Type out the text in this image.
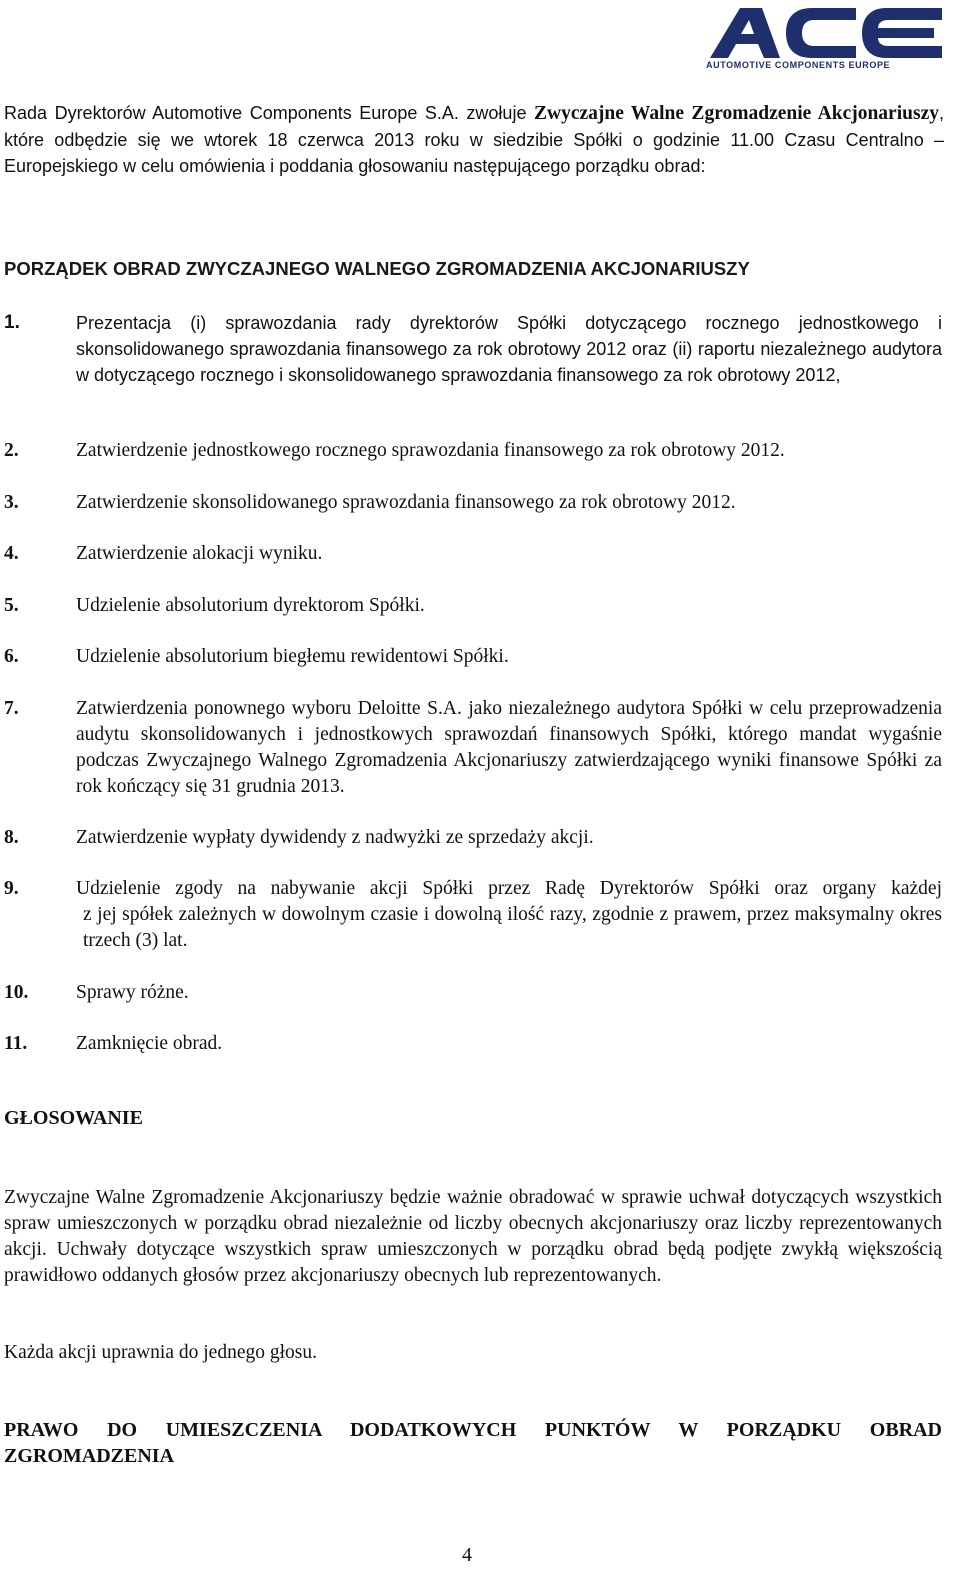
AUTOMOTIVE COMPONENTS EUROPE

Rada Dyrektorów Automotive Components Europe S.A. zwołuje Zwyczajne Walne Zgromadzenie Akcjonariuszy, które odbędzie się we wtorek 18 czerwca 2013 roku w siedzibie Spółki o godzinie 11.00 Czasu Centralno – Europejskiego w celu omówienia i poddania głosowaniu następującego porządku obrad:

PORZĄDEK OBRAD ZWYCZAJNEGO WALNEGO ZGROMADZENIA AKCJONARIUSZY
1.	Prezentacja (i) sprawozdania rady dyrektorów Spółki dotyczącego rocznego jednostkowego i skonsolidowanego sprawozdania finansowego za rok obrotowy 2012 oraz (ii) raportu niezależnego audytora w dotyczącego rocznego i skonsolidowanego sprawozdania finansowego za rok obrotowy 2012,
2.	Zatwierdzenie jednostkowego rocznego sprawozdania finansowego za rok obrotowy 2012.
3.	Zatwierdzenie skonsolidowanego sprawozdania finansowego za rok obrotowy 2012.
4.	Zatwierdzenie alokacji wyniku.
5.	Udzielenie absolutorium dyrektorom Spółki.
6.	Udzielenie absolutorium biegłemu rewidentowi Spółki.
7.	Zatwierdzenia ponownego wyboru Deloitte S.A. jako niezależnego audytora Spółki w celu przeprowadzenia audytu skonsolidowanych i jednostkowych sprawozdań finansowych Spółki, którego mandat wygaśnie podczas Zwyczajnego Walnego Zgromadzenia Akcjonariuszy zatwierdzającego wyniki finansowe Spółki za rok kończący się 31 grudnia 2013.
8.	Zatwierdzenie wypłaty dywidendy z nadwyżki ze sprzedaży akcji.
9.	Udzielenie zgody na nabywanie akcji Spółki przez Radę Dyrektorów Spółki oraz organy każdej
z jej spółek zależnych w dowolnym czasie i dowolną ilość razy, zgodnie z prawem, przez maksymalny okres trzech (3) lat.
10. Sprawy różne.
11. Zamknięcie obrad.
GŁOSOWANIE

Zwyczajne Walne Zgromadzenie Akcjonariuszy będzie ważnie obradować w sprawie uchwał dotyczących wszystkich spraw umieszczonych w porządku obrad niezależnie od liczby obecnych akcjonariuszy oraz liczby reprezentowanych akcji. Uchwały dotyczące wszystkich spraw umieszczonych w porządku obrad będą podjęte zwykłą większością prawidłowo oddanych głosów przez akcjonariuszy obecnych lub reprezentowanych.

Każda akcji uprawnia do jednego głosu.

PRAWO DO UMIESZCZENIA DODATKOWYCH PUNKTÓW W PORZĄDKU OBRAD ZGROMADZENIA
4
